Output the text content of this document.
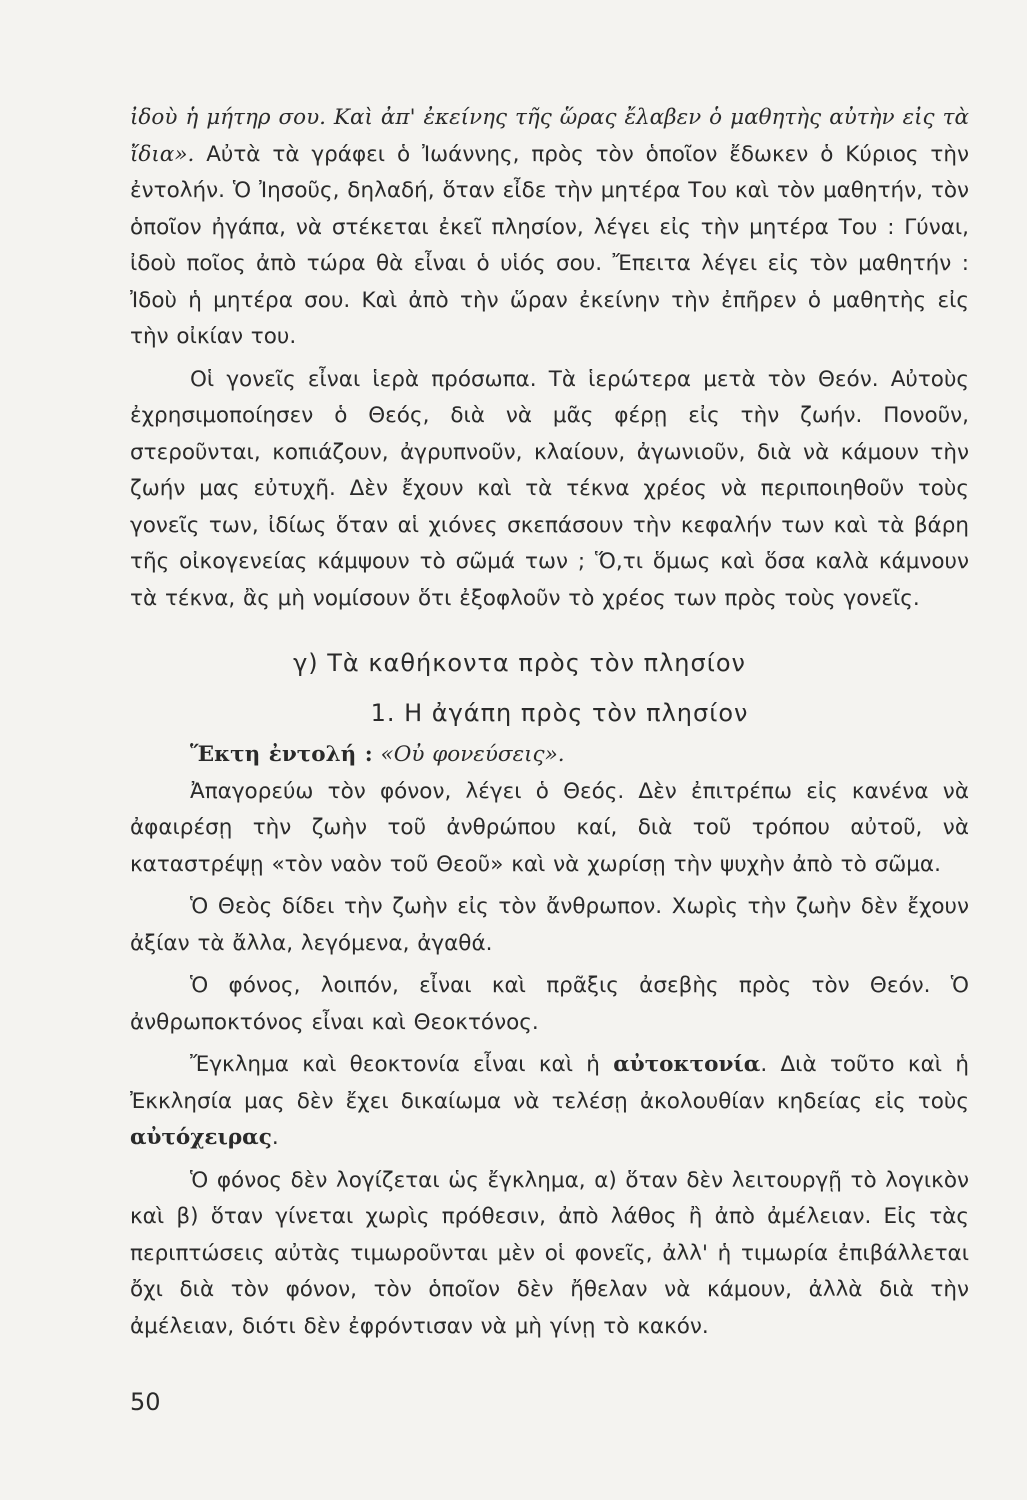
ἰδοὺ ἡ μήτηρ σου. Καὶ ἀπ' ἐκείνης τῆς ὥρας ἔλαβεν ὁ μαθητὴς αὐτὴν εἰς τὰ ἴδια». Αὐτὰ τὰ γράφει ὁ Ἰωάννης, πρὸς τὸν ὁποῖον ἔδωκεν ὁ Κύριος τὴν ἐντολήν. Ὁ Ἰησοῦς, δηλαδή, ὅταν εἶδε τὴν μητέρα Του καὶ τὸν μαθητήν, τὸν ὁποῖον ἠγάπα, νὰ στέκεται ἐκεῖ πλησίον, λέγει εἰς τὴν μητέρα Του : Γύναι, ἰδοὺ ποῖος ἀπὸ τώρα θὰ εἶναι ὁ υἱός σου. Ἔπειτα λέγει εἰς τὸν μαθητήν : Ἰδοὺ ἡ μητέρα σου. Καὶ ἀπὸ τὴν ὥραν ἐκείνην τὴν ἐπῆρεν ὁ μαθητὴς εἰς τὴν οἰκίαν του.

Οἱ γονεῖς εἶναι ἱερὰ πρόσωπα. Τὰ ἱερώτερα μετὰ τὸν Θεόν. Αὐτοὺς ἐχρησιμοποίησεν ὁ Θεός, διὰ νὰ μᾶς φέρῃ εἰς τὴν ζωήν. Πονοῦν, στεροῦνται, κοπιάζουν, ἀγρυπνοῦν, κλαίουν, ἀγωνιοῦν, διὰ νὰ κάμουν τὴν ζωήν μας εὐτυχῆ. Δὲν ἔχουν καὶ τὰ τέκνα χρέος νὰ περιποιηθοῦν τοὺς γονεῖς των, ἰδίως ὅταν αἱ χιόνες σκεπάσουν τὴν κεφαλήν των καὶ τὰ βάρη τῆς οἰκογενείας κάμψουν τὸ σῶμά των ; Ὅ,τι ὅμως καὶ ὅσα καλὰ κάμνουν τὰ τέκνα, ἂς μὴ νομίσουν ὅτι ἐξοφλοῦν τὸ χρέος των πρὸς τοὺς γονεῖς.

γ) Τὰ καθήκοντα πρὸς τὸν πλησίον
1. Η ἀγάπη πρὸς τὸν πλησίον

Ἕκτη ἐντολή : «Οὐ φονεύσεις».

Ἀπαγορεύω τὸν φόνον, λέγει ὁ Θεός. Δὲν ἐπιτρέπω εἰς κανένα νὰ ἀφαιρέσῃ τὴν ζωὴν τοῦ ἀνθρώπου καί, διὰ τοῦ τρόπου αὐτοῦ, νὰ καταστρέψῃ «τὸν ναὸν τοῦ Θεοῦ» καὶ νὰ χωρίσῃ τὴν ψυχὴν ἀπὸ τὸ σῶμα.

Ὁ Θεὸς δίδει τὴν ζωὴν εἰς τὸν ἄνθρωπον. Χωρὶς τὴν ζωὴν δὲν ἔχουν ἀξίαν τὰ ἄλλα, λεγόμενα, ἀγαθά.

Ὁ φόνος, λοιπόν, εἶναι καὶ πρᾶξις ἀσεβὴς πρὸς τὸν Θεόν. Ὁ ἀνθρωποκτόνος εἶναι καὶ Θεοκτόνος.

Ἔγκλημα καὶ θεοκτονία εἶναι καὶ ἡ αὐτοκτονία. Διὰ τοῦτο καὶ ἡ Ἐκκλησία μας δὲν ἔχει δικαίωμα νὰ τελέσῃ ἀκολουθίαν κηδείας εἰς τοὺς αὐτόχειρας.

Ὁ φόνος δὲν λογίζεται ὡς ἔγκλημα, α) ὅταν δὲν λειτουργῇ τὸ λογικὸν καὶ β) ὅταν γίνεται χωρὶς πρόθεσιν, ἀπὸ λάθος ἢ ἀπὸ ἀμέλειαν. Εἰς τὰς περιπτώσεις αὐτὰς τιμωροῦνται μὲν οἱ φονεῖς, ἀλλ' ἡ τιμωρία ἐπιβάλλεται ὄχι διὰ τὸν φόνον, τὸν ὁποῖον δὲν ἤθελαν νὰ κάμουν, ἀλλὰ διὰ τὴν ἀμέλειαν, διότι δὲν ἐφρόντισαν νὰ μὴ γίνῃ τὸ κακόν.

50
